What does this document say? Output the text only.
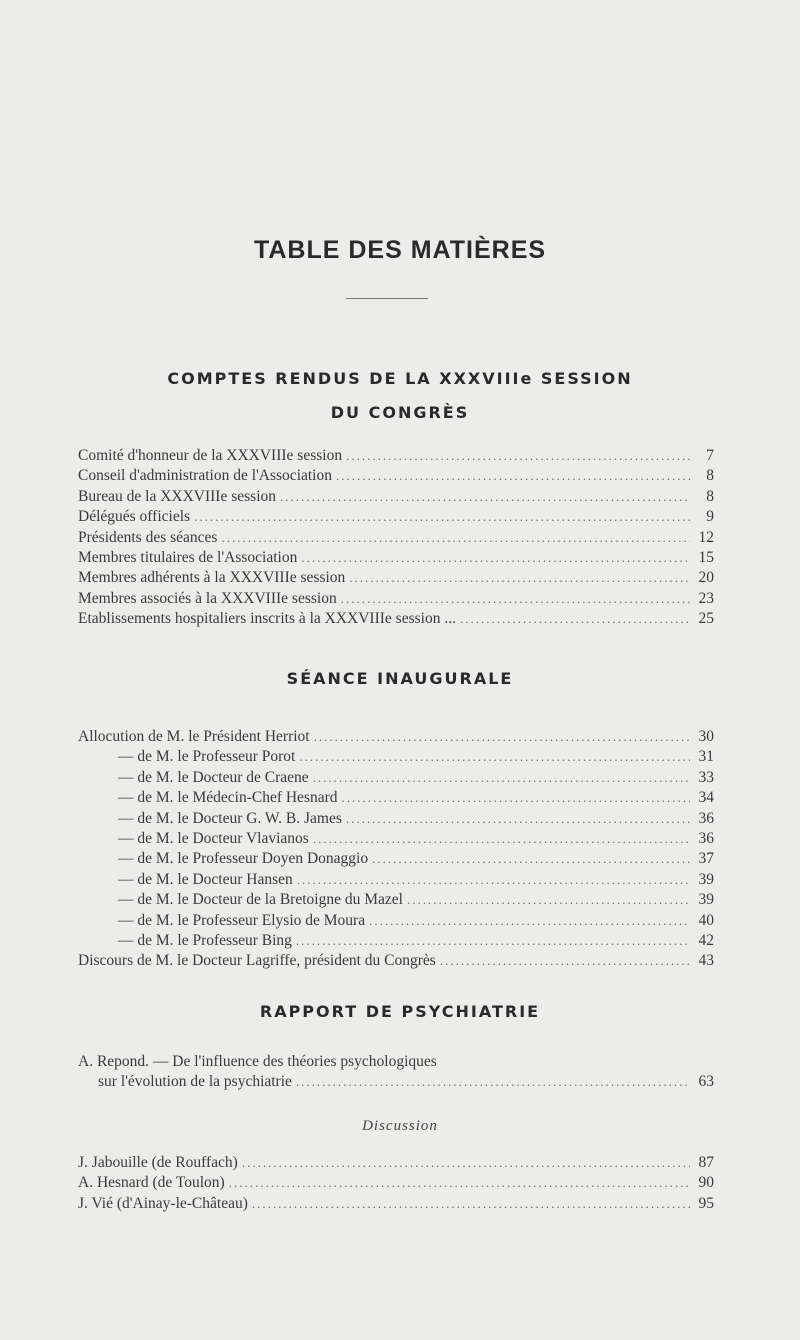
TABLE DES MATIÈRES
COMPTES RENDUS DE LA XXXVIIIe SESSION
DU CONGRÈS
Comité d'honneur de la XXXVIIIe session .....	7
Conseil d'administration de l'Association .....	8
Bureau de la XXXVIIIe session .....	8
Délégués officiels .....	9
Présidents des séances .....	12
Membres titulaires de l'Association .....	15
Membres adhérents à la XXXVIIIe session .....	20
Membres associés à la XXXVIIIe session .....	23
Etablissements hospitaliers inscrits à la XXXVIIIe session ... .....	25
SÉANCE INAUGURALE
Allocution de M. le Président Herriot .....	30
— de M. le Professeur Porot .....	31
— de M. le Docteur de Craene .....	33
— de M. le Médecin-Chef Hesnard .....	34
— de M. le Docteur G. W. B. James .....	36
— de M. le Docteur Vlavianos .....	36
— de M. le Professeur Doyen Donaggio .....	37
— de M. le Docteur Hansen .....	39
— de M. le Docteur de la Bretoigne du Mazel .....	39
— de M. le Professeur Elysio de Moura .....	40
— de M. le Professeur Bing .....	42
Discours de M. le Docteur Lagriffe, président du Congrès .....	43
RAPPORT DE PSYCHIATRIE
A. Repond. — De l'influence des théories psychologiques
sur l'évolution de la psychiatrie .....	63
Discussion
J. Jabouille (de Rouffach) .....	87
A. Hesnard (de Toulon) .....	90
J. Vié (d'Ainay-le-Château) .....	95
